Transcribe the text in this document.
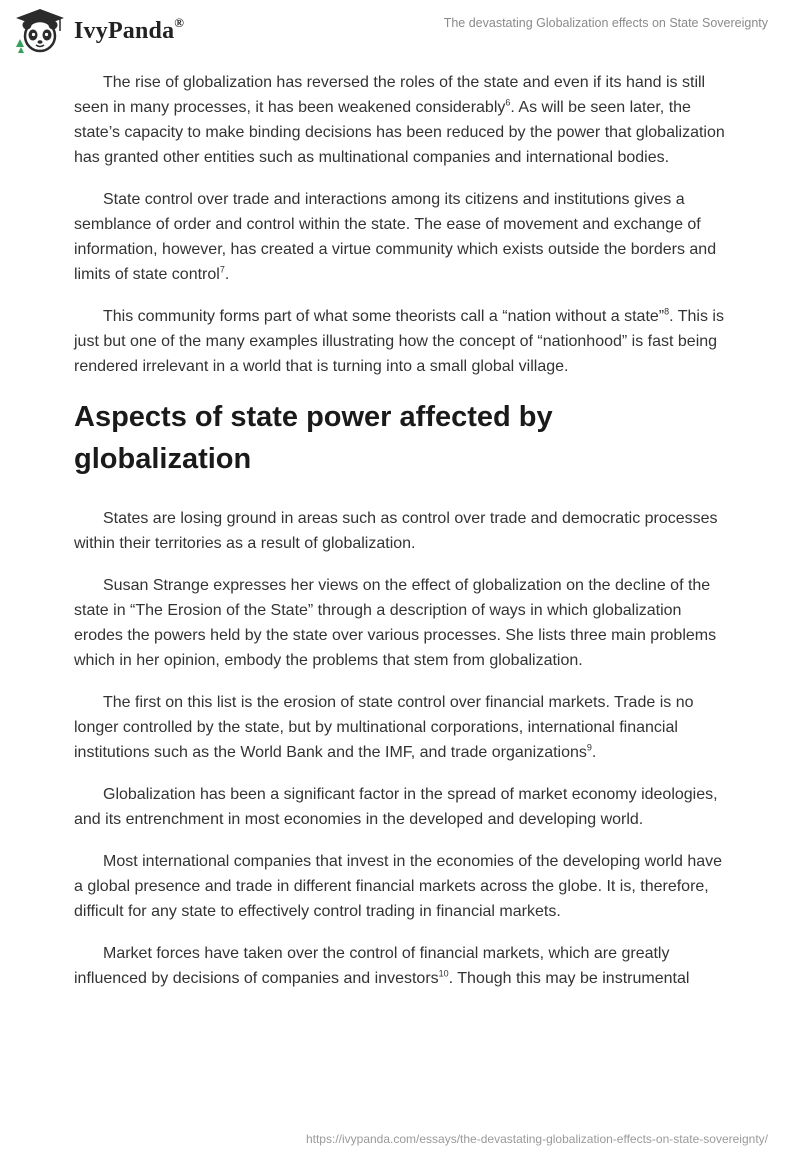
IvyPanda®	The devastating Globalization effects on State Sovereignty

The rise of globalization has reversed the roles of the state and even if its hand is still seen in many processes, it has been weakened considerably$^6$. As will be seen later, the state’s capacity to make binding decisions has been reduced by the power that globalization has granted other entities such as multinational companies and international bodies.

State control over trade and interactions among its citizens and institutions gives a semblance of order and control within the state. The ease of movement and exchange of information, however, has created a virtue community which exists outside the borders and limits of state control$^7$.

This community forms part of what some theorists call a “nation without a state”$^8$. This is just but one of the many examples illustrating how the concept of “nationhood” is fast being rendered irrelevant in a world that is turning into a small global village.

Aspects of state power affected by globalization

States are losing ground in areas such as control over trade and democratic processes within their territories as a result of globalization.

Susan Strange expresses her views on the effect of globalization on the decline of the state in “The Erosion of the State” through a description of ways in which globalization erodes the powers held by the state over various processes. She lists three main problems which in her opinion, embody the problems that stem from globalization.

The first on this list is the erosion of state control over financial markets. Trade is no longer controlled by the state, but by multinational corporations, international financial institutions such as the World Bank and the IMF, and trade organizations$^9$.

Globalization has been a significant factor in the spread of market economy ideologies, and its entrenchment in most economies in the developed and developing world.

Most international companies that invest in the economies of the developing world have a global presence and trade in different financial markets across the globe. It is, therefore, difficult for any state to effectively control trading in financial markets.

Market forces have taken over the control of financial markets, which are greatly influenced by decisions of companies and investors$^{10}$. Though this may be instrumental

https://ivypanda.com/essays/the-devastating-globalization-effects-on-state-sovereignty/
